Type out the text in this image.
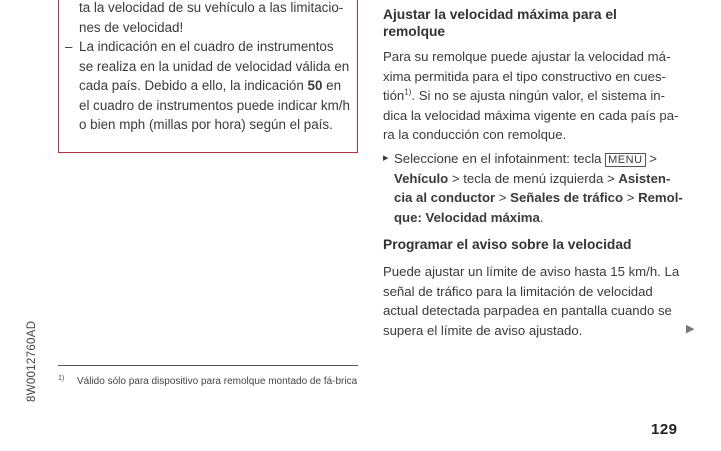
ta la velocidad de su vehículo a las limitacio-nes de velocidad!

– La indicación en el cuadro de instrumentos se realiza en la unidad de velocidad válida en cada país. Debido a ello, la indicación 50 en el cuadro de instrumentos puede indicar km/h o bien mph (millas por hora) según el país.

Ajustar la velocidad máxima para el remolque

Para su remolque puede ajustar la velocidad má-xima permitida para el tipo constructivo en cues-tión$^{1)}$. Si no se ajusta ningún valor, el sistema in-dica la velocidad máxima vigente en cada país pa-ra la conducción con remolque.

▸ Seleccione en el infotainment: tecla MENU > Vehículo > tecla de menú izquierda > Asisten-cia al conductor > Señales de tráfico > Remol-que: Velocidad máxima.

Programar el aviso sobre la velocidad

Puede ajustar un límite de aviso hasta 15 km/h. La señal de tráfico para la limitación de velocidad actual detectada parpadea en pantalla cuando se supera el límite de aviso ajustado.	▶
8W0012760AD	1) Válido sólo para dispositivo para remolque montado de fá-brica
129
